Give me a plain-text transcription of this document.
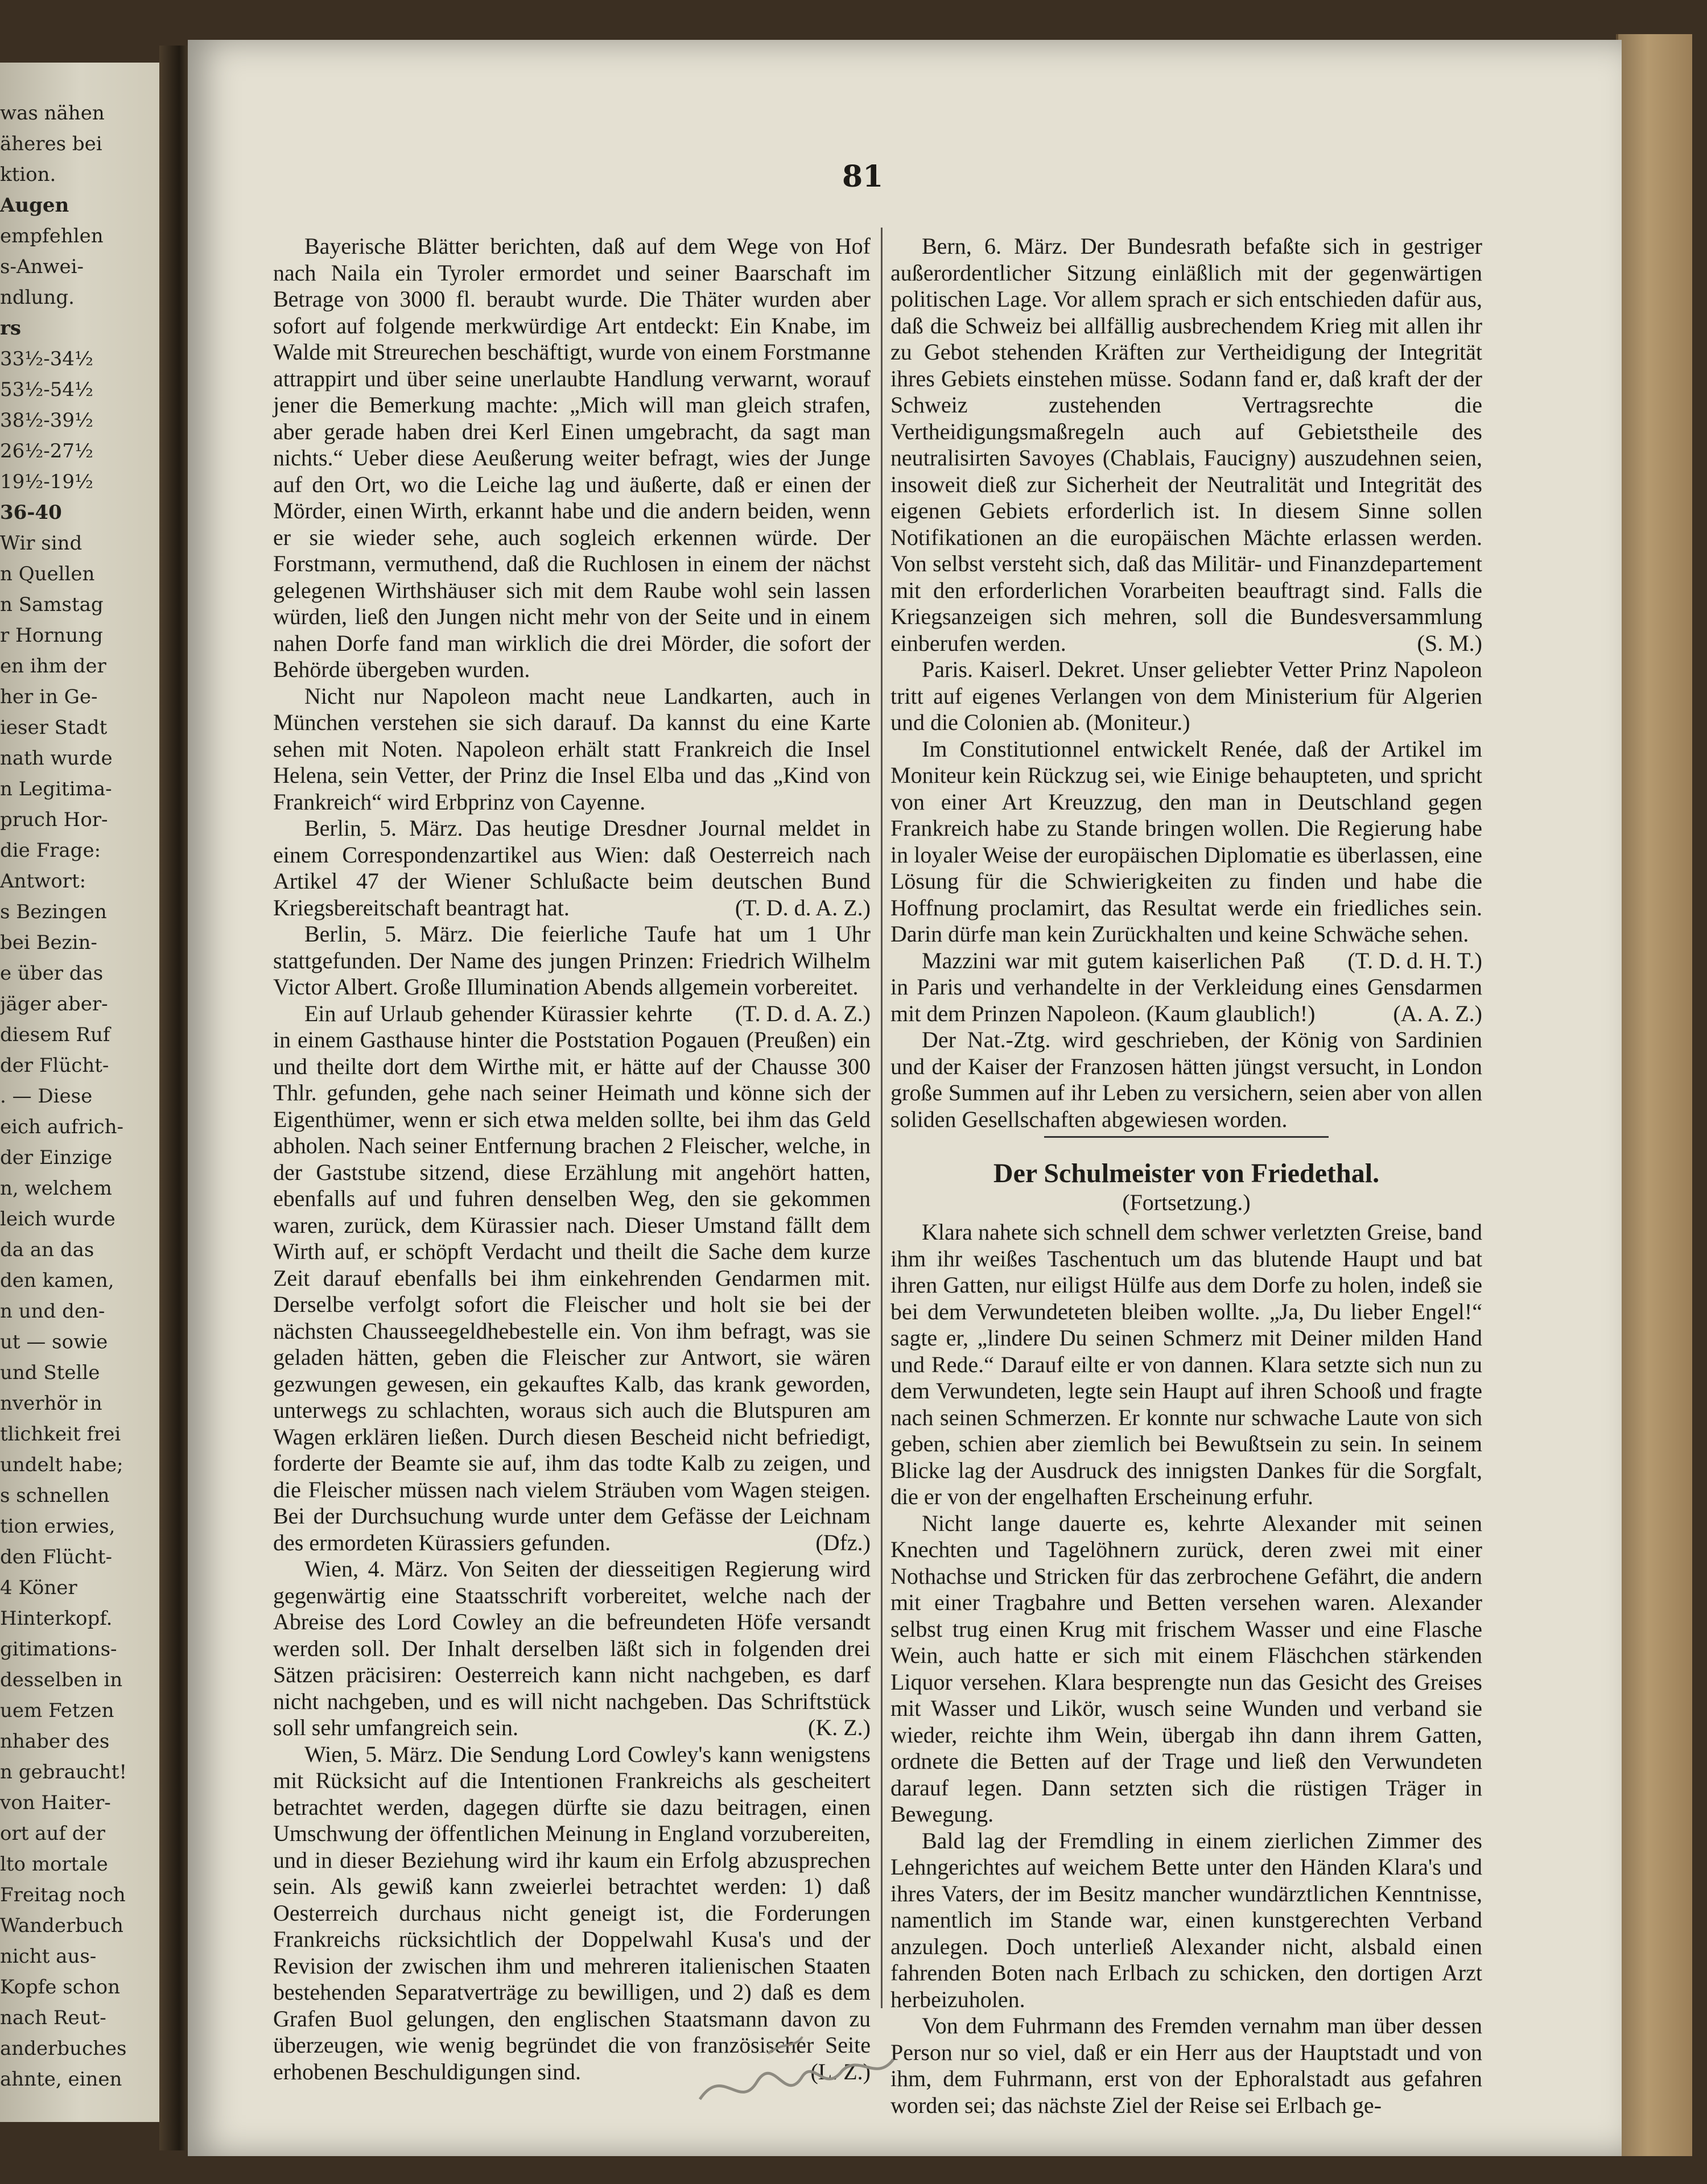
was nähen
äheres bei
ktion.
Augen
empfehlen
s-Anwei-
ndlung.
rs
33½-34½
53½-54½
38½-39½
26½-27½
19½-19½
36-40
Wir sind
n Quellen
n Samstag
r Hornung
en ihm der
her in Ge-
ieser Stadt
nath wurde
n Legitima-
pruch Hor-
die Frage:
Antwort:
s Bezingen
bei Bezin-
e über das
jäger aber-
diesem Ruf
der Flücht-
. — Diese
eich aufrich-
der Einzige
n, welchem
leich wurde
da an das
den kamen,
n und den-
ut — sowie
und Stelle
nverhör in
tlichkeit frei
undelt habe;
s schnellen
tion erwies,
den Flücht-
4 Köner
Hinterkopf.
gitimations-
desselben in
uem Fetzen
nhaber des
n gebraucht!
von Haiter-
ort auf der
lto mortale
Freitag noch
Wanderbuch
nicht aus-
Kopfe schon
nach Reut-
anderbuches
ahnte, einen
81

Bayerische Blätter berichten, daß auf dem Wege von Hof nach Naila ein Tyroler ermordet und seiner Baarschaft im Betrage von 3000 fl. beraubt wurde. Die Thäter wurden aber sofort auf folgende merkwürdige Art entdeckt: Ein Knabe, im Walde mit Streurechen beschäftigt, wurde von einem Forstmanne attrappirt und über seine unerlaubte Handlung verwarnt, worauf jener die Bemerkung machte: „Mich will man gleich strafen, aber gerade haben drei Kerl Einen umgebracht, da sagt man nichts.“ Ueber diese Aeußerung weiter befragt, wies der Junge auf den Ort, wo die Leiche lag und äußerte, daß er einen der Mörder, einen Wirth, erkannt habe und die andern beiden, wenn er sie wieder sehe, auch sogleich erkennen würde. Der Forstmann, vermuthend, daß die Ruchlosen in einem der nächst gelegenen Wirthshäuser sich mit dem Raube wohl sein lassen würden, ließ den Jungen nicht mehr von der Seite und in einem nahen Dorfe fand man wirklich die drei Mörder, die sofort der Behörde übergeben wurden.

Nicht nur Napoleon macht neue Landkarten, auch in München verstehen sie sich darauf. Da kannst du eine Karte sehen mit Noten. Napoleon erhält statt Frankreich die Insel Helena, sein Vetter, der Prinz die Insel Elba und das „Kind von Frankreich“ wird Erbprinz von Cayenne.

Berlin, 5. März. Das heutige Dresdner Journal meldet in einem Correspondenzartikel aus Wien: daß Oesterreich nach Artikel 47 der Wiener Schlußacte beim deutschen Bund Kriegsbereitschaft beantragt hat.	(T. D. d. A. Z.)

Berlin, 5. März. Die feierliche Taufe hat um 1 Uhr stattgefunden. Der Name des jungen Prinzen: Friedrich Wilhelm Victor Albert. Große Illumination Abends allgemein vorbereitet.
(T. D. d. A. Z.)

Ein auf Urlaub gehender Kürassier kehrte in einem Gasthause hinter die Poststation Pogauen (Preußen) ein und theilte dort dem Wirthe mit, er hätte auf der Chausse 300 Thlr. gefunden, gehe nach seiner Heimath und könne sich der Eigenthümer, wenn er sich etwa melden sollte, bei ihm das Geld abholen. Nach seiner Entfernung brachen 2 Fleischer, welche, in der Gaststube sitzend, diese Erzählung mit angehört hatten, ebenfalls auf und fuhren denselben Weg, den sie gekommen waren, zurück, dem Kürassier nach. Dieser Umstand fällt dem Wirth auf, er schöpft Verdacht und theilt die Sache dem kurze Zeit darauf ebenfalls bei ihm einkehrenden Gendarmen mit. Derselbe verfolgt sofort die Fleischer und holt sie bei der nächsten Chausseegeldhebestelle ein. Von ihm befragt, was sie geladen hätten, geben die Fleischer zur Antwort, sie wären gezwungen gewesen, ein gekauftes Kalb, das krank geworden, unterwegs zu schlachten, woraus sich auch die Blutspuren am Wagen erklären ließen. Durch diesen Bescheid nicht befriedigt, forderte der Beamte sie auf, ihm das todte Kalb zu zeigen, und die Fleischer müssen nach vielem Sträuben vom Wagen steigen. Bei der Durchsuchung wurde unter dem Gefässe der Leichnam des ermordeten Kürassiers gefunden.	(Dfz.)

Wien, 4. März. Von Seiten der diesseitigen Regierung wird gegenwärtig eine Staatsschrift vorbereitet, welche nach der Abreise des Lord Cowley an die befreundeten Höfe versandt werden soll. Der Inhalt derselben läßt sich in folgenden drei Sätzen präcisiren: Oesterreich kann nicht nachgeben, es darf nicht nachgeben, und es will nicht nachgeben. Das Schriftstück soll sehr umfangreich sein.	(K. Z.)

Wien, 5. März. Die Sendung Lord Cowley's kann wenigstens mit Rücksicht auf die Intentionen Frankreichs als gescheitert betrachtet werden, dagegen dürfte sie dazu beitragen, einen Umschwung der öffentlichen Meinung in England vorzubereiten, und in dieser Beziehung wird ihr kaum ein Erfolg abzusprechen sein. Als gewiß kann zweierlei betrachtet werden: 1) daß Oesterreich durchaus nicht geneigt ist, die Forderungen Frankreichs rücksichtlich der Doppelwahl Kusa's und der Revision der zwischen ihm und mehreren italienischen Staaten bestehenden Separatverträge zu bewilligen, und 2) daß es dem Grafen Buol gelungen, den englischen Staatsmann davon zu überzeugen, wie wenig begründet die von französischer Seite erhobenen Beschuldigungen sind.	(L. Z.)

Bern, 6. März. Der Bundesrath befaßte sich in gestriger außerordentlicher Sitzung einläßlich mit der gegenwärtigen politischen Lage. Vor allem sprach er sich entschieden dafür aus, daß die Schweiz bei allfällig ausbrechendem Krieg mit allen ihr zu Gebot stehenden Kräften zur Vertheidigung der Integrität ihres Gebiets einstehen müsse. Sodann fand er, daß kraft der der Schweiz zustehenden Vertragsrechte die Vertheidigungsmaßregeln auch auf Gebietstheile des neutralisirten Savoyes (Chablais, Faucigny) auszudehnen seien, insoweit dieß zur Sicherheit der Neutralität und Integrität des eigenen Gebiets erforderlich ist. In diesem Sinne sollen Notifikationen an die europäischen Mächte erlassen werden. Von selbst versteht sich, daß das Militär- und Finanzdepartement mit den erforderlichen Vorarbeiten beauftragt sind. Falls die Kriegsanzeigen sich mehren, soll die Bundesversammlung einberufen werden.	(S. M.)

Paris. Kaiserl. Dekret. Unser geliebter Vetter Prinz Napoleon tritt auf eigenes Verlangen von dem Ministerium für Algerien und die Colonien ab. (Moniteur.)

Im Constitutionnel entwickelt Renée, daß der Artikel im Moniteur kein Rückzug sei, wie Einige behaupteten, und spricht von einer Art Kreuzzug, den man in Deutschland gegen Frankreich habe zu Stande bringen wollen. Die Regierung habe in loyaler Weise der europäischen Diplomatie es überlassen, eine Lösung für die Schwierigkeiten zu finden und habe die Hoffnung proclamirt, das Resultat werde ein friedliches sein. Darin dürfe man kein Zurückhalten und keine Schwäche sehen.
(T. D. d. H. T.)

Mazzini war mit gutem kaiserlichen Paß in Paris und verhandelte in der Verkleidung eines Gensdarmen mit dem Prinzen Napoleon. (Kaum glaublich!)	(A. A. Z.)

Der Nat.-Ztg. wird geschrieben, der König von Sardinien und der Kaiser der Franzosen hätten jüngst versucht, in London große Summen auf ihr Leben zu versichern, seien aber von allen soliden Gesellschaften abgewiesen worden.

Der Schulmeister von Friedethal.
(Fortsetzung.)

Klara nahete sich schnell dem schwer verletzten Greise, band ihm ihr weißes Taschentuch um das blutende Haupt und bat ihren Gatten, nur eiligst Hülfe aus dem Dorfe zu holen, indeß sie bei dem Verwundeteten bleiben wollte. „Ja, Du lieber Engel!“ sagte er, „lindere Du seinen Schmerz mit Deiner milden Hand und Rede.“ Darauf eilte er von dannen. Klara setzte sich nun zu dem Verwundeten, legte sein Haupt auf ihren Schooß und fragte nach seinen Schmerzen. Er konnte nur schwache Laute von sich geben, schien aber ziemlich bei Bewußtsein zu sein. In seinem Blicke lag der Ausdruck des innigsten Dankes für die Sorgfalt, die er von der engelhaften Erscheinung erfuhr.

Nicht lange dauerte es, kehrte Alexander mit seinen Knechten und Tagelöhnern zurück, deren zwei mit einer Nothachse und Stricken für das zerbrochene Gefährt, die andern mit einer Tragbahre und Betten versehen waren. Alexander selbst trug einen Krug mit frischem Wasser und eine Flasche Wein, auch hatte er sich mit einem Fläschchen stärkenden Liquor versehen. Klara besprengte nun das Gesicht des Greises mit Wasser und Likör, wusch seine Wunden und verband sie wieder, reichte ihm Wein, übergab ihn dann ihrem Gatten, ordnete die Betten auf der Trage und ließ den Verwundeten darauf legen. Dann setzten sich die rüstigen Träger in Bewegung.

Bald lag der Fremdling in einem zierlichen Zimmer des Lehngerichtes auf weichem Bette unter den Händen Klara's und ihres Vaters, der im Besitz mancher wundärztlichen Kenntnisse, namentlich im Stande war, einen kunstgerechten Verband anzulegen. Doch unterließ Alexander nicht, alsbald einen fahrenden Boten nach Erlbach zu schicken, den dortigen Arzt herbeizuholen.

Von dem Fuhrmann des Fremden vernahm man über dessen Person nur so viel, daß er ein Herr aus der Hauptstadt und von ihm, dem Fuhrmann, erst von der Ephoralstadt aus gefahren worden sei; das nächste Ziel der Reise sei Erlbach ge-
